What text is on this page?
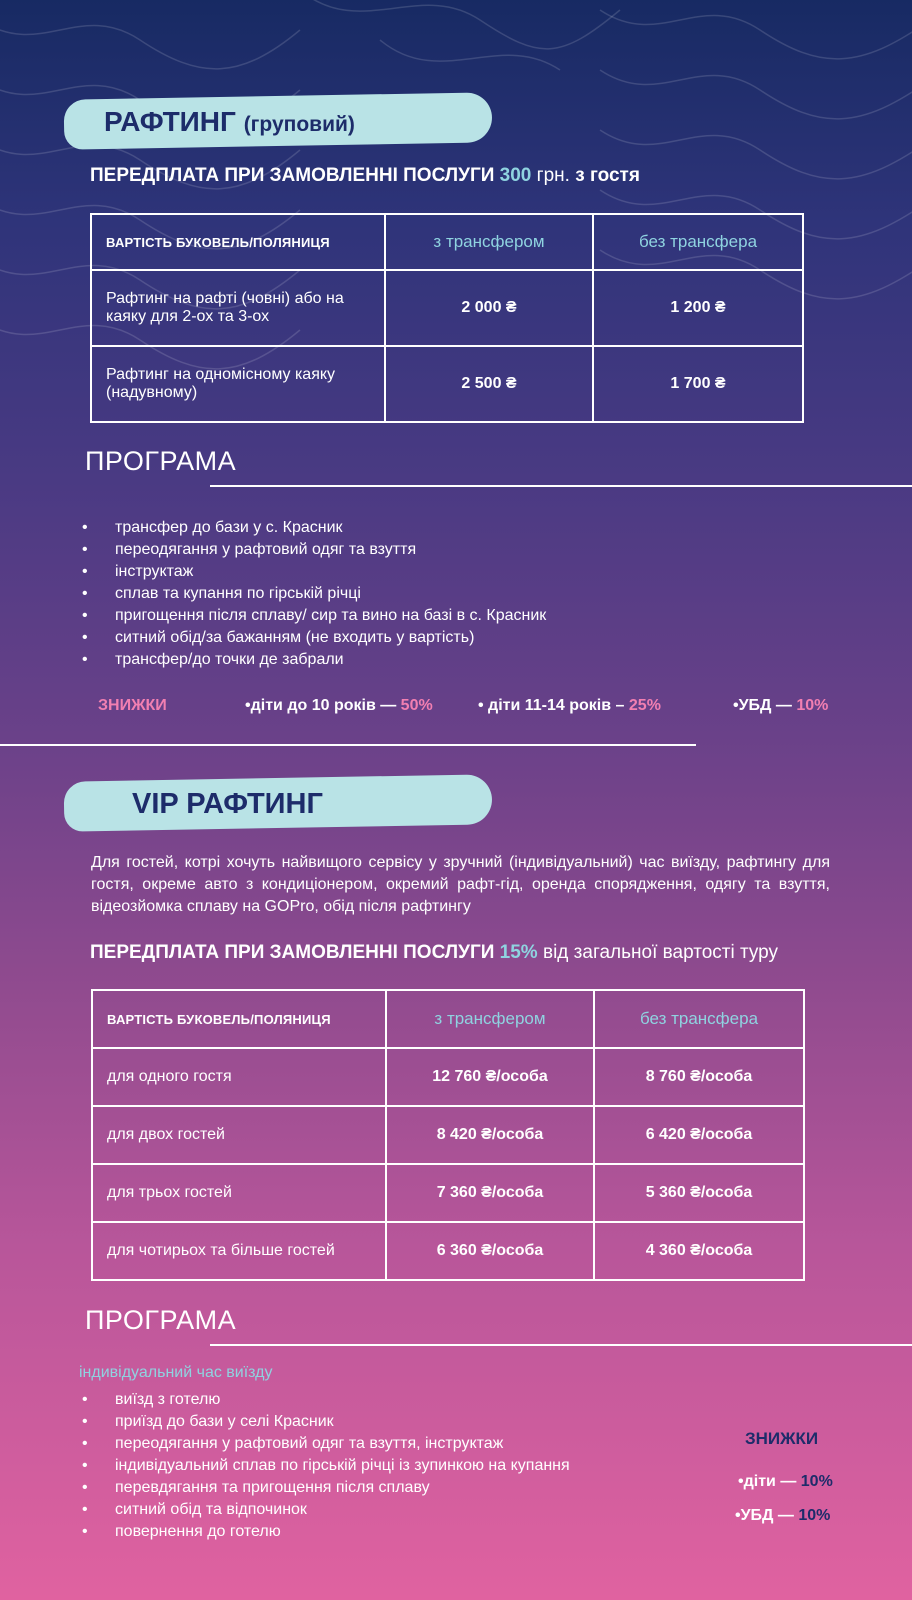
РАФТИНГ (груповий)
ПЕРЕДПЛАТА ПРИ ЗАМОВЛЕННІ ПОСЛУГИ 300 грн. з гостя
ВАРТІСТЬ БУКОВЕЛЬ/ПОЛЯНИЦЯ	з трансфером	без трансфера
Рафтинг на рафті (човні) або на каяку для 2-ох та 3-ох	2 000 ₴	1 200 ₴
Рафтинг на одномісному каяку (надувному)	2 500 ₴	1 700 ₴
ПРОГРАМА
• трансфер до бази у с. Красник
• переодягання у рафтовий одяг та взуття
• інструктаж
• сплав та купання по гірській річці
• пригощення після сплаву/ сир та вино на базі в с. Красник
• ситний обід/за бажанням (не входить у вартість)
• трансфер/до точки де забрали
ЗНИЖКИ	•діти до 10 років — 50%	• діти 11-14 років – 25%	•УБД — 10%
VIP РАФТИНГ
Для гостей, котрі хочуть найвищого сервісу у зручний (індивідуальний) час виїзду, рафтингу для гостя, окреме авто з кондиціонером, окремий рафт-гід, оренда спорядження, одягу та взуття, відеозйомка сплаву на GOPro, обід після рафтингу
ПЕРЕДПЛАТА ПРИ ЗАМОВЛЕННІ ПОСЛУГИ 15% від загальної вартості туру
ВАРТІСТЬ БУКОВЕЛЬ/ПОЛЯНИЦЯ	з трансфером	без трансфера
для одного гостя	12 760 ₴/особа	8 760 ₴/особа
для двох гостей	8 420 ₴/особа	6 420 ₴/особа
для трьох гостей	7 360 ₴/особа	5 360 ₴/особа
для чотирьох та більше гостей	6 360 ₴/особа	4 360 ₴/особа
ПРОГРАМА
індивідуальний час виїзду
• виїзд з готелю
• приїзд до бази у селі Красник
• переодягання у рафтовий одяг та взуття, інструктаж
• індивідуальний сплав по гірській річці із зупинкою на купання
• перевдягання та пригощення після сплаву
• ситний обід та відпочинок
• повернення до готелю
ЗНИЖКИ
•діти — 10%
•УБД — 10%
